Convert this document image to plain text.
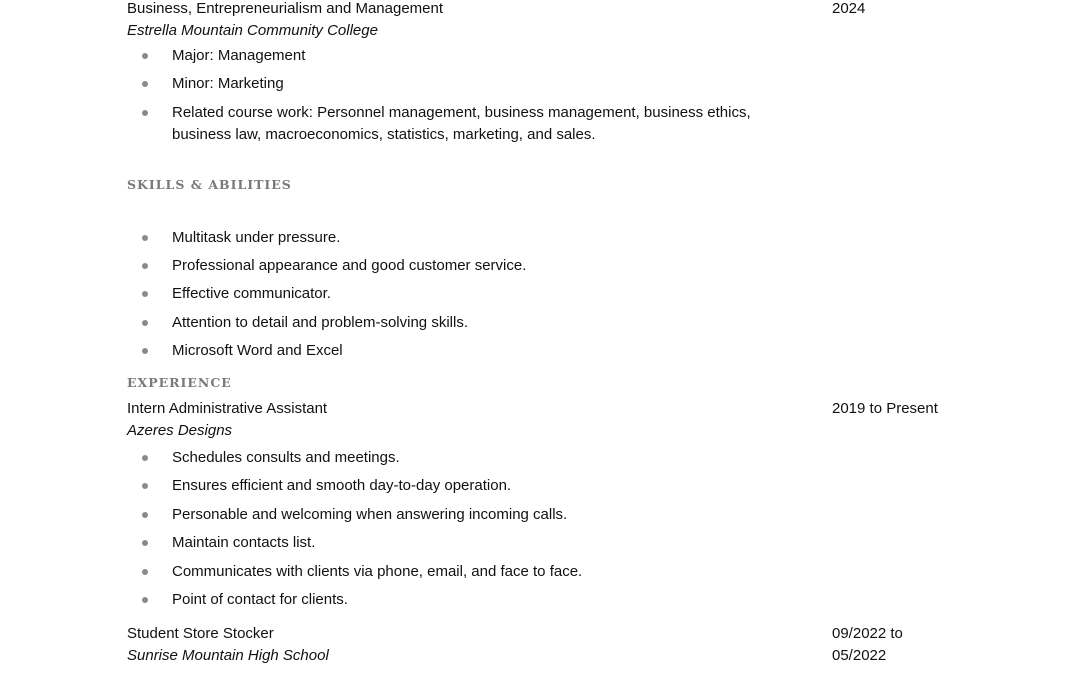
Business, Entrepreneurialism and Management	2024
Estrella Mountain Community College
Major: Management
Minor: Marketing
Related course work: Personnel management, business management, business ethics,
business law, macroeconomics, statistics, marketing, and sales.
SKILLS & ABILITIES
Multitask under pressure.
Professional appearance and good customer service.
Effective communicator.
Attention to detail and problem-solving skills.
Microsoft Word and Excel
EXPERIENCE
Intern Administrative Assistant	2019 to Present
Azeres Designs
Schedules consults and meetings.
Ensures efficient and smooth day-to-day operation.
Personable and welcoming when answering incoming calls.
Maintain contacts list.
Communicates with clients via phone, email, and face to face.
Point of contact for clients.
Student Store Stocker	09/2022 to
Sunrise Mountain High School	05/2022
